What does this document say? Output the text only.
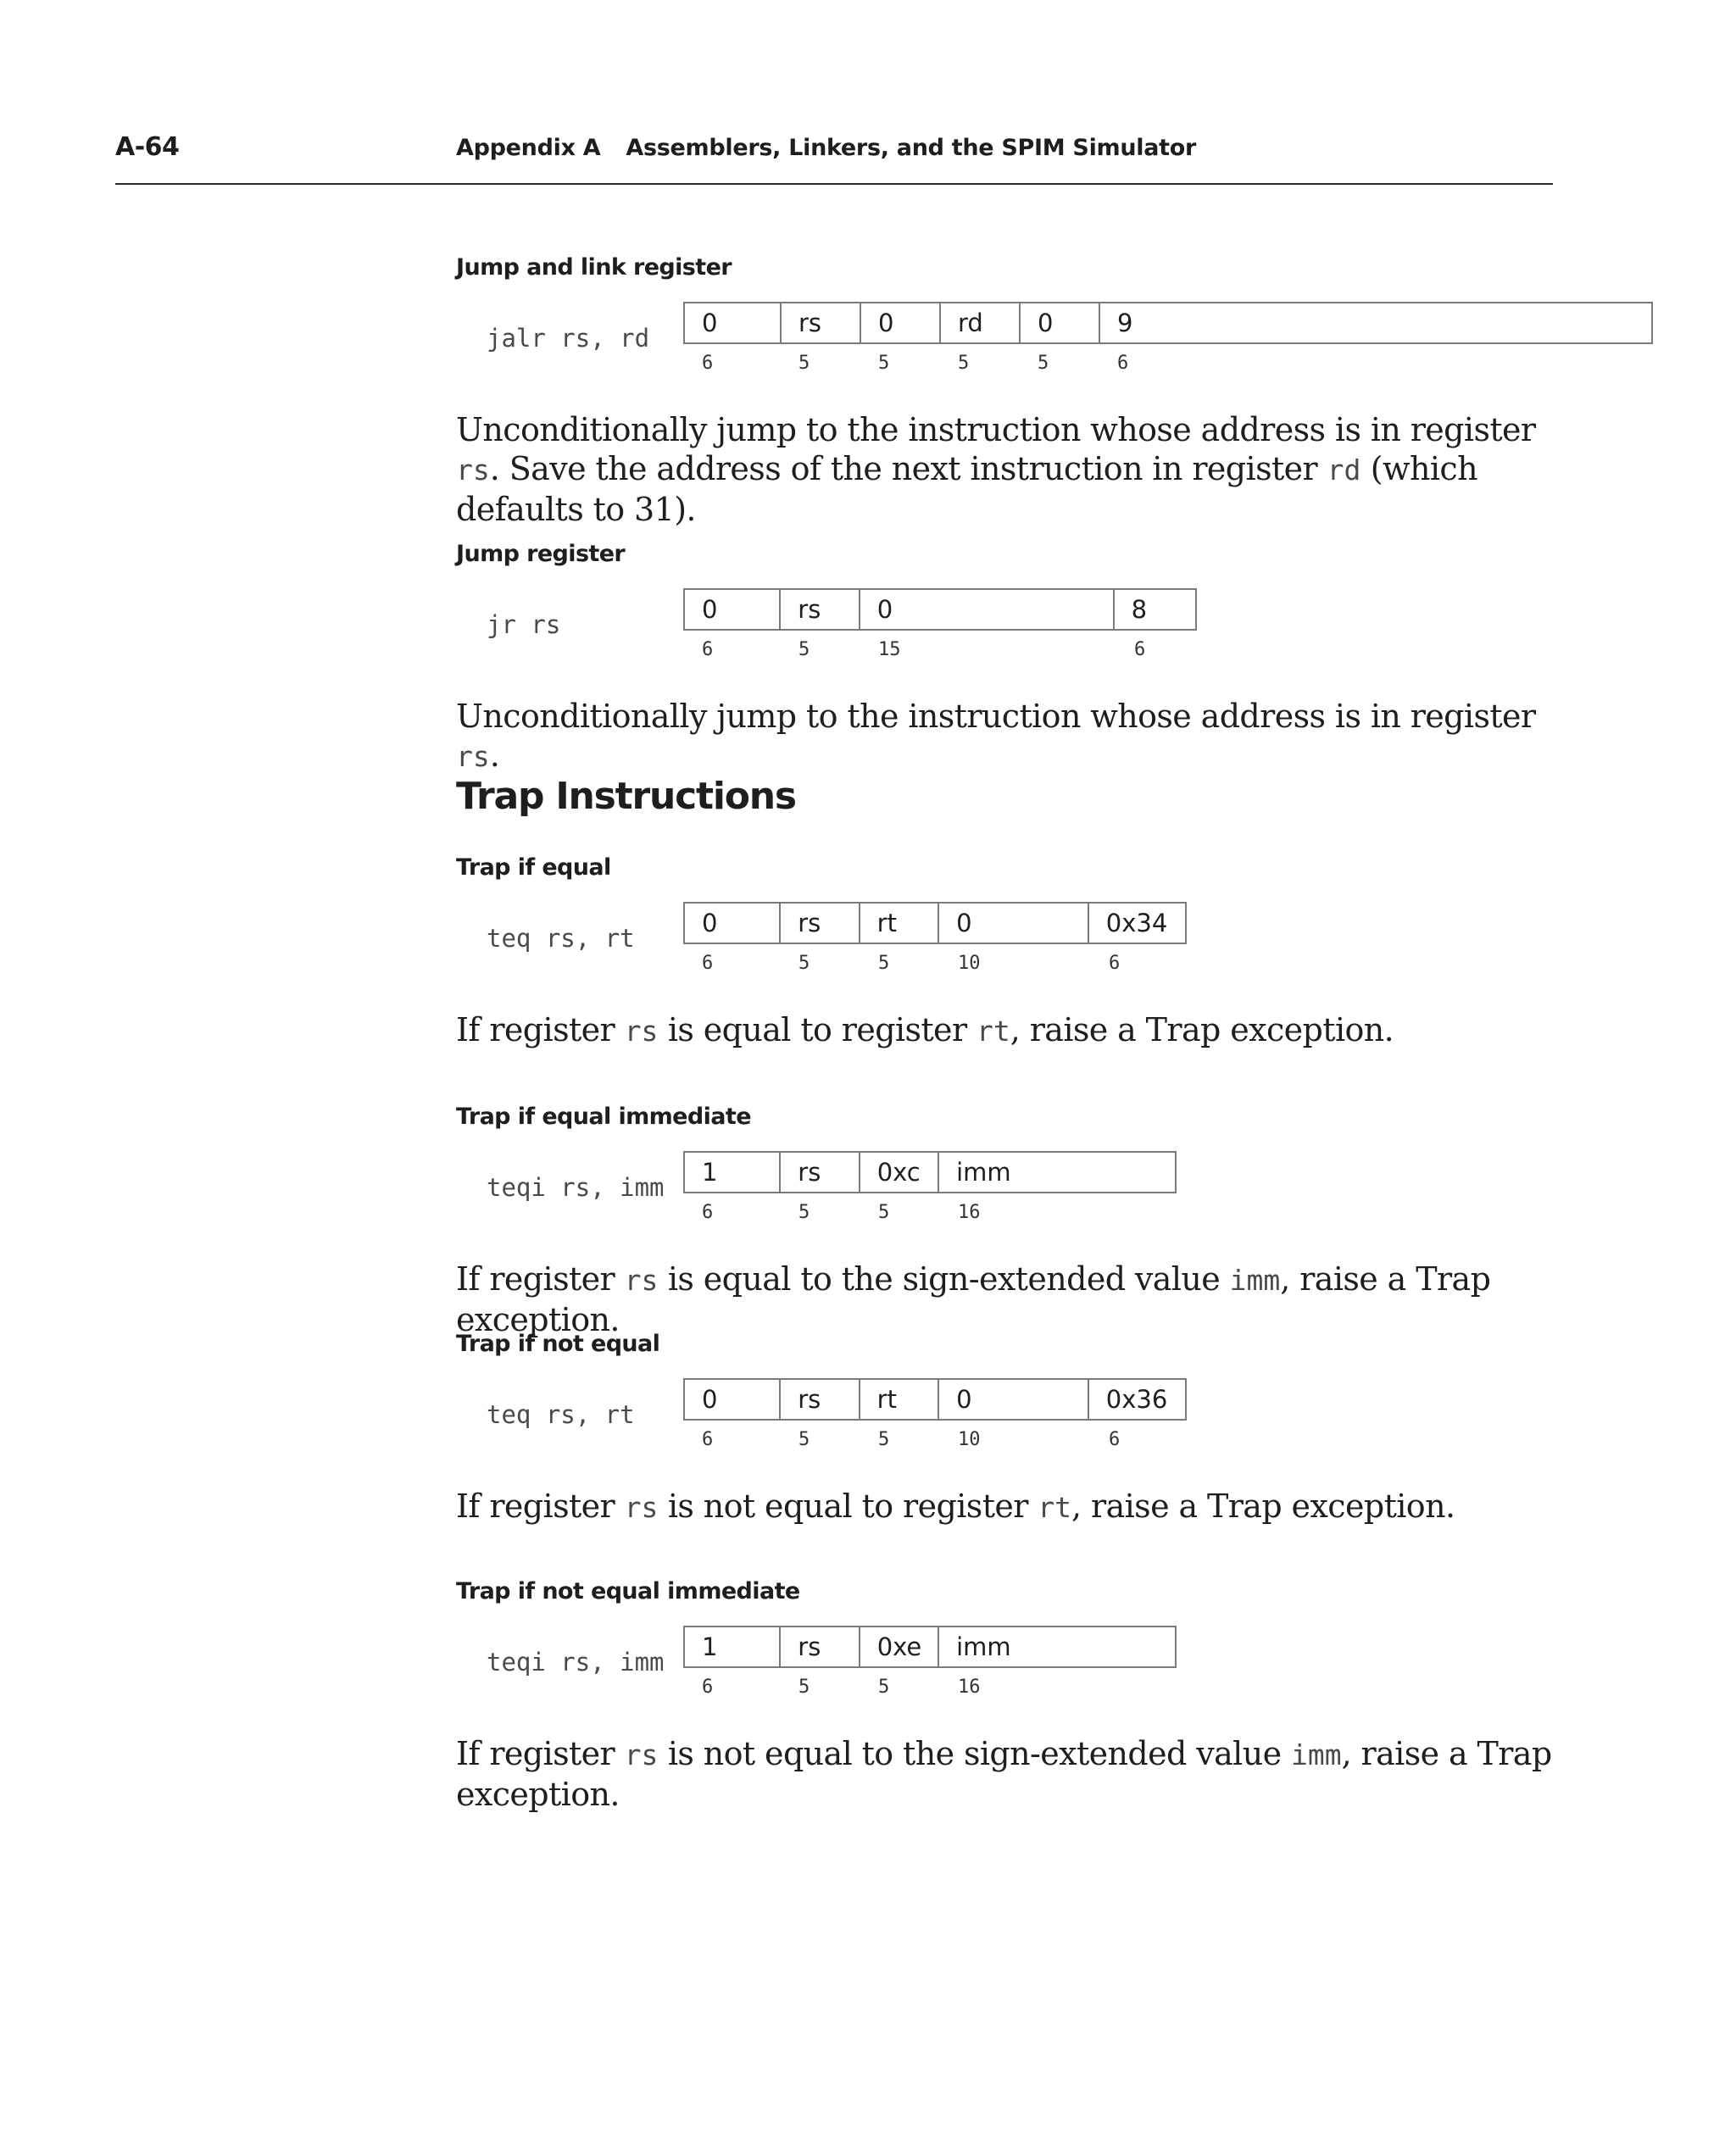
A-64	Appendix A Assemblers, Linkers, and the SPIM Simulator
Jump and link register
jalr rs, rd
0	rs	0	rd	0	9
6	5	5	5	5	6
Unconditionally jump to the instruction whose address is in register rs. Save the address of the next instruction in register rd (which defaults to 31).
Jump register
jr rs
0	rs	0	8
6	5	15	6
Unconditionally jump to the instruction whose address is in register rs.
Trap Instructions
Trap if equal
teq rs, rt
0	rs	rt	0	0x34
6	5	5	10	6
If register rs is equal to register rt, raise a Trap exception.
Trap if equal immediate
teqi rs, imm
1	rs	0xc	imm
6	5	5	16
If register rs is equal to the sign-extended value imm, raise a Trap exception.
Trap if not equal
teq rs, rt
0	rs	rt	0	0x36
6	5	5	10	6
If register rs is not equal to register rt, raise a Trap exception.
Trap if not equal immediate
teqi rs, imm
1	rs	0xe	imm
6	5	5	16
If register rs is not equal to the sign-extended value imm, raise a Trap exception.
